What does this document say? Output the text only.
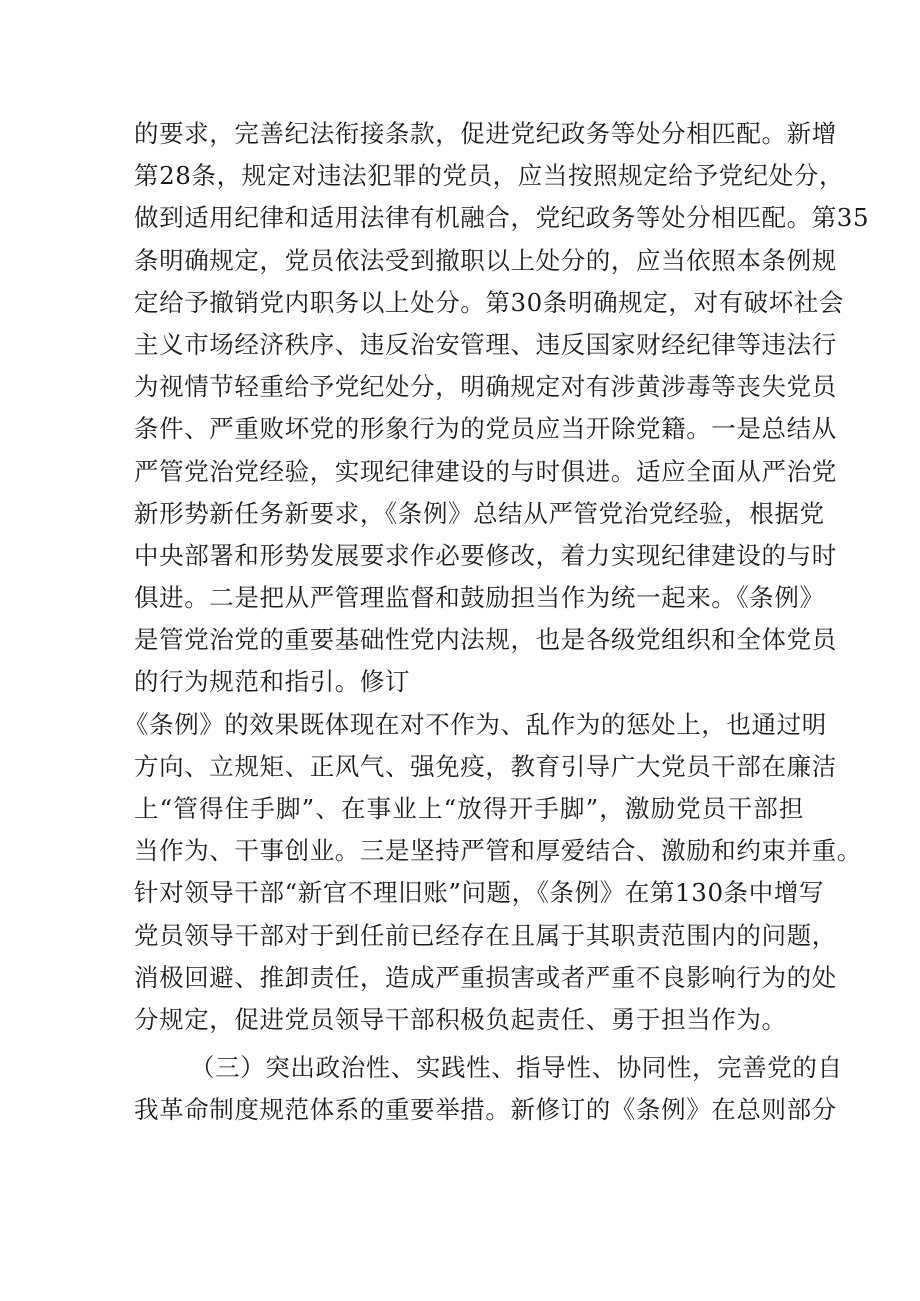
的要求，完善纪法衔接条款，促进党纪政务等处分相匹配。新增
第28条，规定对违法犯罪的党员，应当按照规定给予党纪处分，
做到适用纪律和适用法律有机融合，党纪政务等处分相匹配。第35
条明确规定，党员依法受到撤职以上处分的，应当依照本条例规
定给予撤销党内职务以上处分。第30条明确规定，对有破坏社会
主义市场经济秩序、违反治安管理、违反国家财经纪律等违法行
为视情节轻重给予党纪处分，明确规定对有涉黄涉毒等丧失党员
条件、严重败坏党的形象行为的党员应当开除党籍。一是总结从
严管党治党经验，实现纪律建设的与时俱进。适应全面从严治党
新形势新任务新要求，《条例》总结从严管党治党经验，根据党
中央部署和形势发展要求作必要修改，着力实现纪律建设的与时
俱进。二是把从严管理监督和鼓励担当作为统一起来。《条例》
是管党治党的重要基础性党内法规，也是各级党组织和全体党员
的行为规范和指引。修订
《条例》的效果既体现在对不作为、乱作为的惩处上，也通过明
方向、立规矩、正风气、强免疫，教育引导广大党员干部在廉洁
上“管得住手脚”、在事业上“放得开手脚”，激励党员干部担
当作为、干事创业。三是坚持严管和厚爱结合、激励和约束并重。
针对领导干部“新官不理旧账”问题，《条例》在第130条中增写
党员领导干部对于到任前已经存在且属于其职责范围内的问题，
消极回避、推卸责任，造成严重损害或者严重不良影响行为的处
分规定，促进党员领导干部积极负起责任、勇于担当作为。
（三）突出政治性、实践性、指导性、协同性，完善党的自
我革命制度规范体系的重要举措。新修订的《条例》在总则部分
